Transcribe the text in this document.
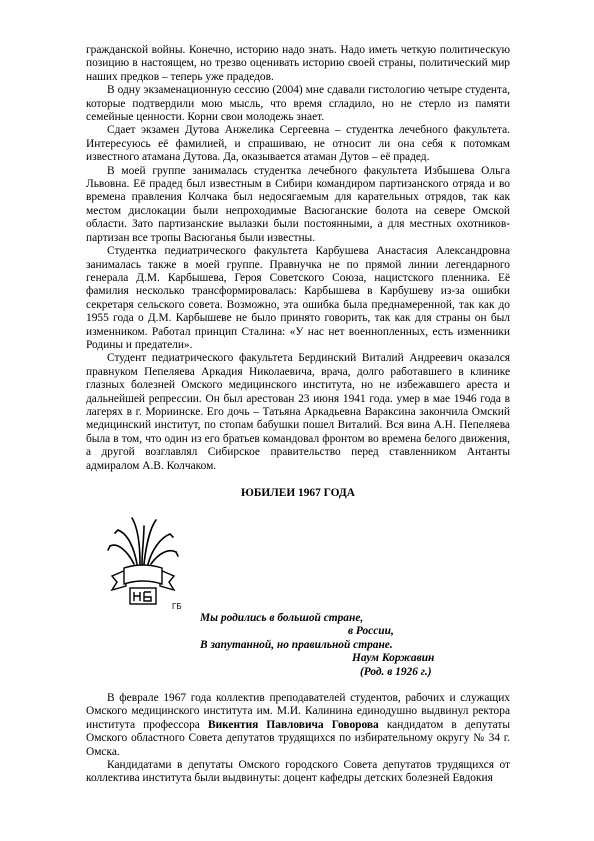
гражданской войны. Конечно, историю надо знать. Надо иметь четкую политическую позицию в настоящем, но трезво оценивать историю своей страны, политический мир наших предков – теперь уже прадедов.

В одну экзаменационную сессию (2004) мне сдавали гистологию четыре студента, которые подтвердили мою мысль, что время сгладило, но не стерло из памяти семейные ценности. Корни свои молодежь знает.

Сдает экзамен Дутова Анжелика Сергеевна – студентка лечебного факультета. Интересуюсь её фамилией, и спрашиваю, не относит ли она себя к потомкам известного атамана Дутова. Да, оказывается атаман Дутов – её прадед.

В моей группе занималась студентка лечебного факультета Избышева Ольга Львовна. Её прадед был известным в Сибири командиром партизанского отряда и во времена правления Колчака был недосягаемым для карательных отрядов, так как местом дислокации были непроходимые Васюганские болота на севере Омской области. Зато партизанские вылазки были постоянными, а для местных охотников-партизан все тропы Васюганья были известны.

Студентка педиатрического факультета Карбушева Анастасия Александровна занималась также в моей группе. Правнучка не по прямой линии легендарного генерала Д.М. Карбышева, Героя Советского Союза, нацистского пленника. Её фамилия несколько трансформировалась: Карбышева в Карбушеву из-за ошибки секретаря сельского совета. Возможно, эта ошибка была преднамеренной, так как до 1955 года о Д.М. Карбышеве не было принято говорить, так как для страны он был изменником. Работал принцип Сталина: «У нас нет военнопленных, есть изменники Родины и предатели».

Студент педиатрического факультета Бердинский Виталий Андреевич оказался правнуком Пепеляева Аркадия Николаевича, врача, долго работавшего в клинике глазных болезней Омского медицинского института, но не избежавшего ареста и дальнейшей репрессии. Он был арестован 23 июня 1941 года. умер в мае 1946 года в лагерях в г. Мориинске. Его дочь – Татьяна Аркадьевна Вараксина закончила Омский медицинский институт, по стопам бабушки пошел Виталий. Вся вина А.Н. Пепеляева была в том, что один из его братьев командовал фронтом во времена белого движения, а другой возглавлял Сибирское правительство перед ставленником Антанты адмиралом А.В. Колчаком.

ЮБИЛЕИ 1967 ГОДА
ГБ
Мы родились в большой стране,
в России,
В запутанной, но правильной стране.
Наум Коржавин
(Род. в 1926 г.)

В феврале 1967 года коллектив преподавателей студентов, рабочих и служащих Омского медицинского института им. М.И. Калинина единодушно выдвинул ректора института профессора Викентия Павловича Говорова кандидатом в депутаты Омского областного Совета депутатов трудящихся по избирательному округу № 34 г. Омска.

Кандидатами в депутаты Омского городского Совета депутатов трудящихся от коллектива института были выдвинуты: доцент кафедры детских болезней Евдокия
